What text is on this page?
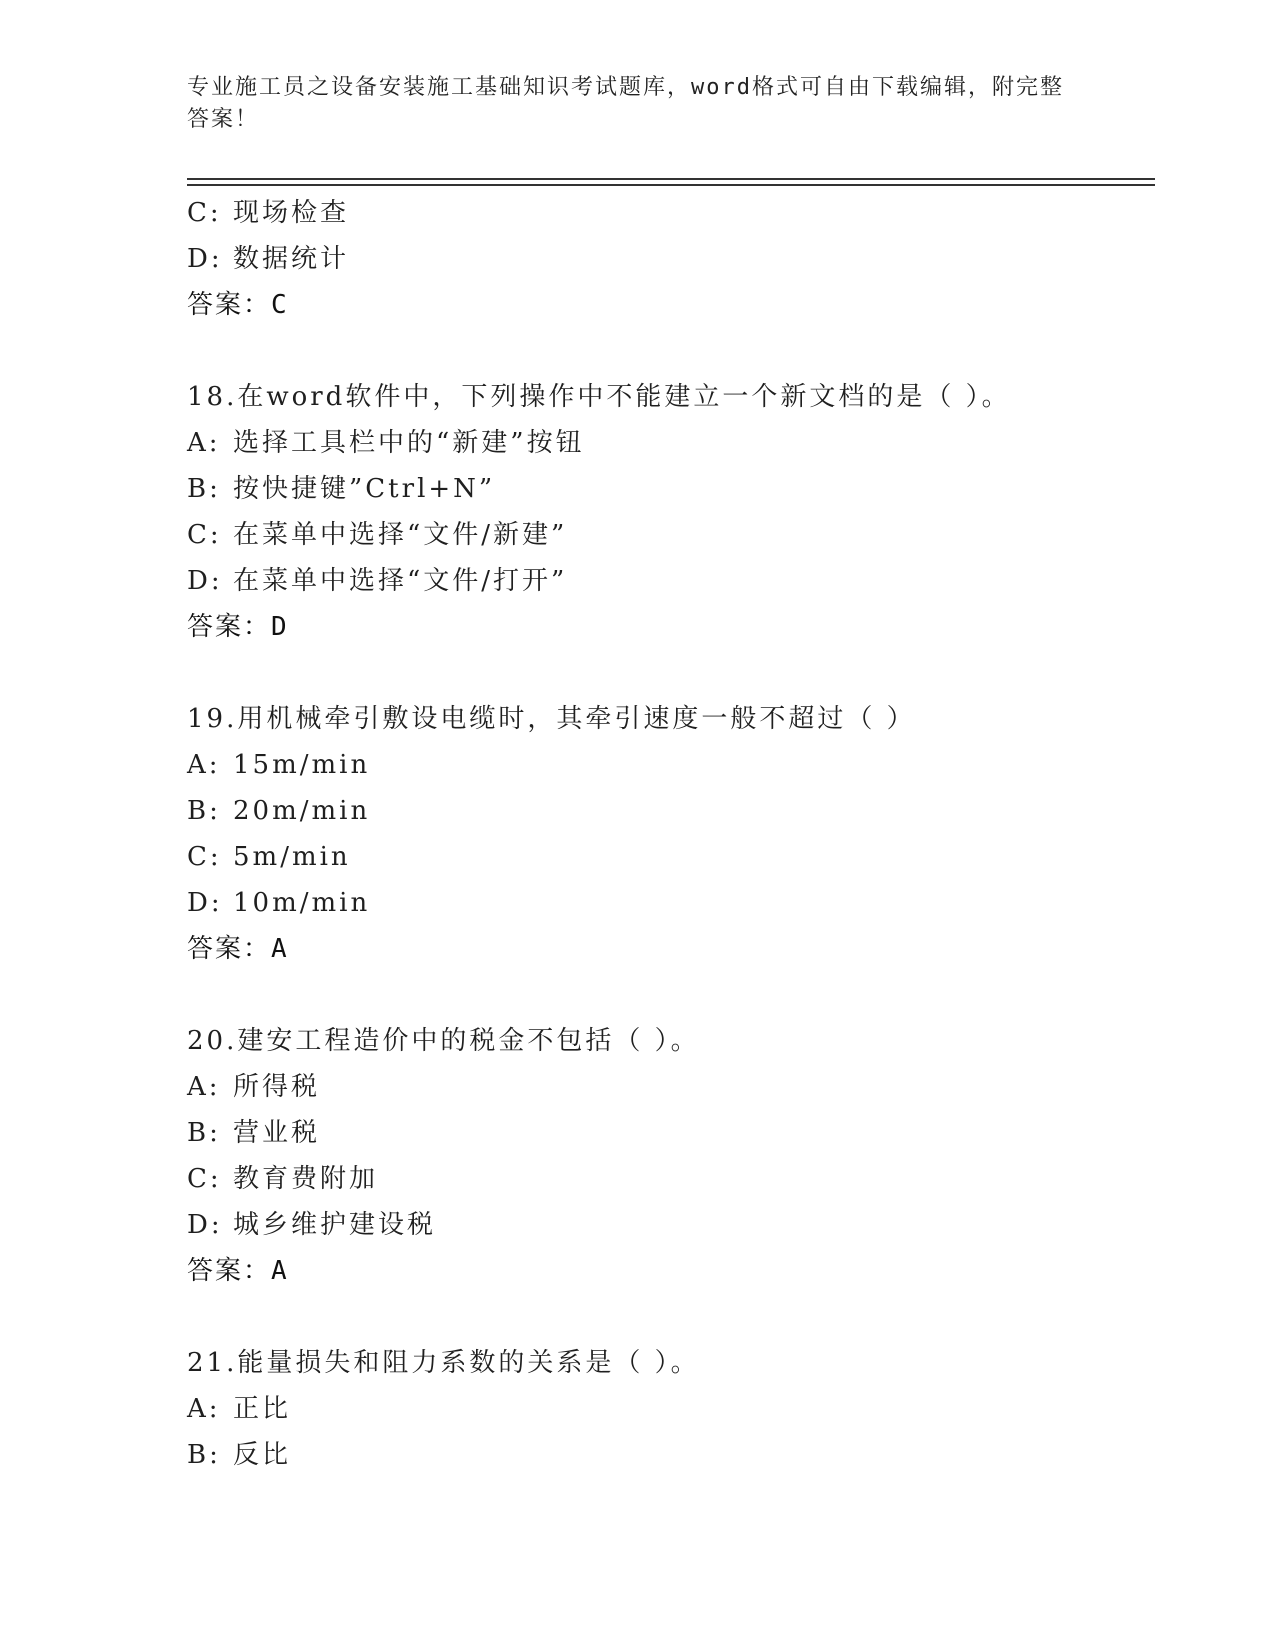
专业施工员之设备安装施工基础知识考试题库，word格式可自由下载编辑，附完整答案！
C: 现场检查
D: 数据统计
答案：C
18.在word软件中，下列操作中不能建立一个新文档的是（ ）。
A: 选择工具栏中的“新建”按钮
B: 按快捷键”Ctrl+N”
C: 在菜单中选择“文件/新建”
D: 在菜单中选择“文件/打开”
答案：D
19.用机械牵引敷设电缆时，其牵引速度一般不超过（ ）
A: 15m/min
B: 20m/min
C: 5m/min
D: 10m/min
答案：A
20.建安工程造价中的税金不包括（ ）。
A: 所得税
B: 营业税
C: 教育费附加
D: 城乡维护建设税
答案：A
21.能量损失和阻力系数的关系是（ ）。
A: 正比
B: 反比
